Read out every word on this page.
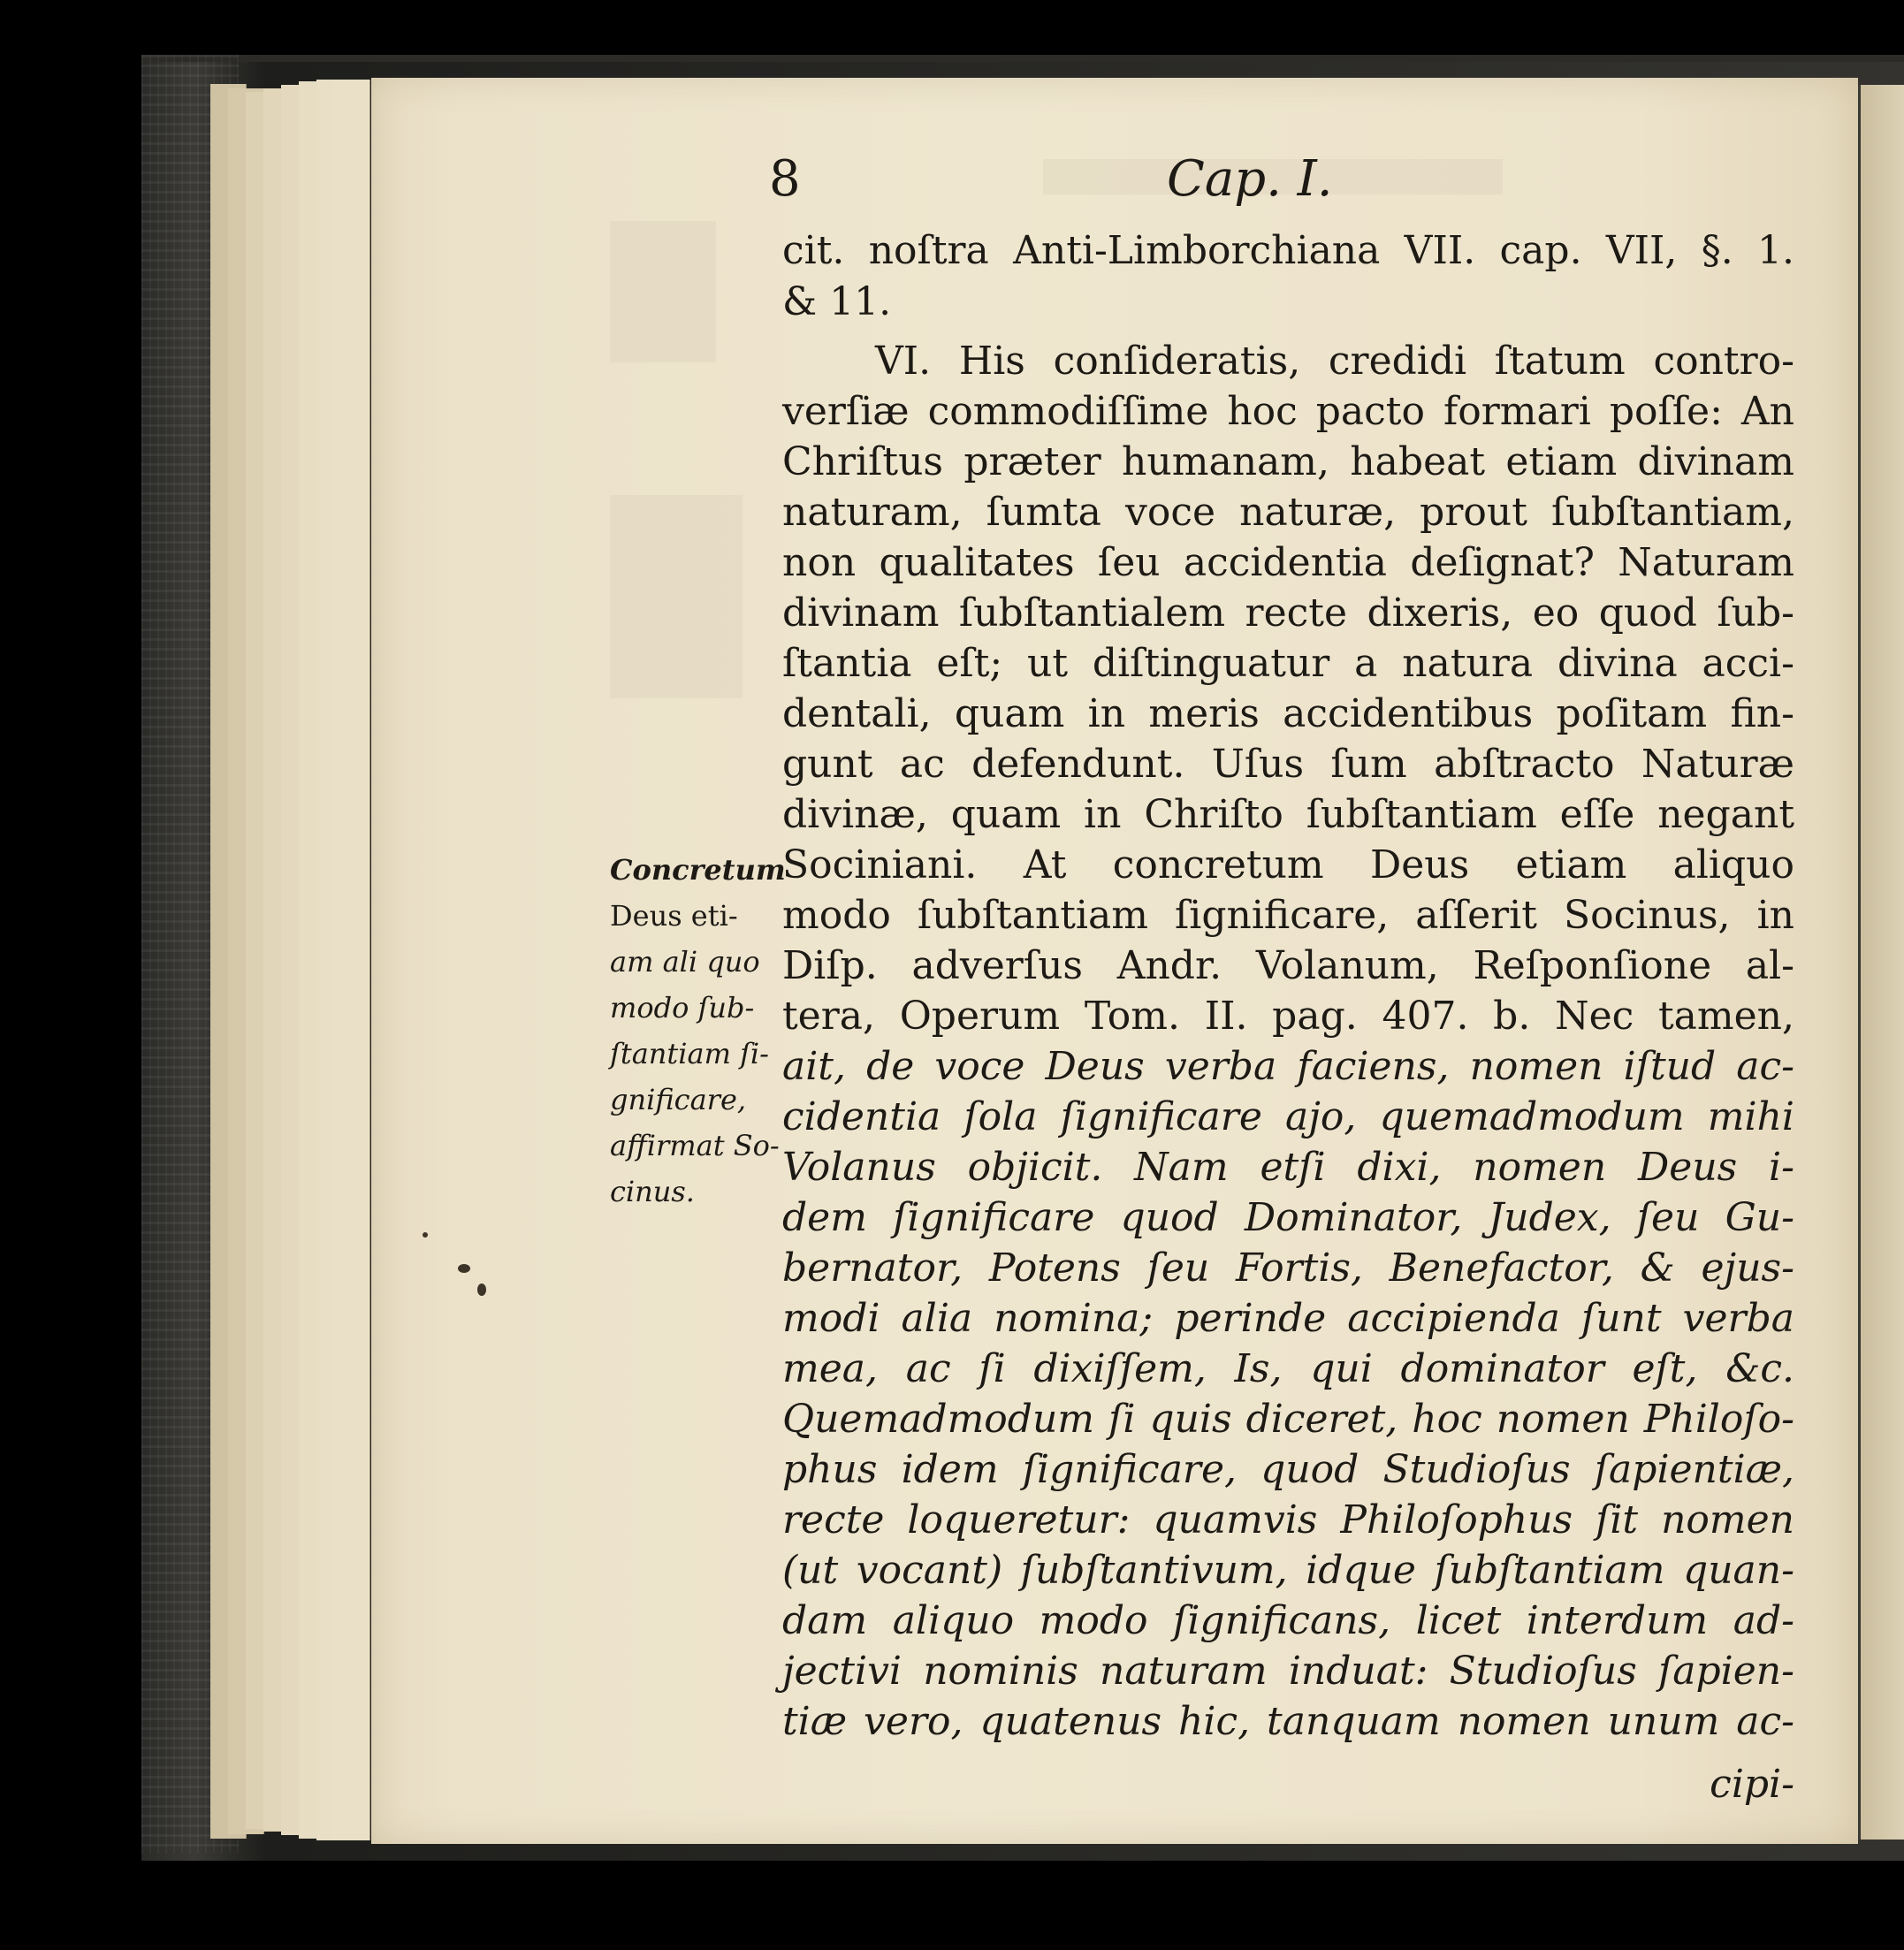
8	Cap. I.
cit. noſtra Anti-Limborchiana VII. cap. VII, §. 1.
& 11.
VI. His conſideratis, credidi ſtatum contro-
verſiæ commodiſſime hoc pacto formari poſſe: An
Chriſtus præter humanam, habeat etiam divinam
naturam, ſumta voce naturæ, prout ſubſtantiam,
non qualitates ſeu accidentia deſignat? Naturam
divinam ſubſtantialem recte dixeris, eo quod ſub-
ſtantia eſt; ut diſtinguatur a natura divina acci-
dentali, quam in meris accidentibus poſitam fin-
gunt ac defendunt. Uſus ſum abſtracto Naturæ
divinæ, quam in Chriſto ſubſtantiam eſſe negant
Sociniani. At concretum Deus etiam aliquo
modo ſubſtantiam ſignificare, aſſerit Socinus, in
Diſp. adverſus Andr. Volanum, Reſponſione al-
tera, Operum Tom. II. pag. 407. b. Nec tamen,
ait, de voce Deus verba faciens, nomen iſtud ac-
cidentia ſola ſignificare ajo, quemadmodum mihi
Volanus objicit. Nam etſi dixi, nomen Deus i-
dem ſignificare quod Dominator, Judex, ſeu Gu-
bernator, Potens ſeu Fortis, Benefactor, & ejus-
modi alia nomina; perinde accipienda ſunt verba
mea, ac ſi dixiſſem, Is, qui dominator eſt, &c.
Quemadmodum ſi quis diceret, hoc nomen Philoſo-
phus idem ſignificare, quod Studioſus ſapientiæ,
recte loqueretur: quamvis Philoſophus ſit nomen
(ut vocant) ſubſtantivum, idque ſubſtantiam quan-
dam aliquo modo ſignificans, licet interdum ad-
jectivi nominis naturam induat: Studioſus ſapien-
tiæ vero, quatenus hic, tanquam nomen unum ac-
cipi-
Concretum
Deus eti-
am ali quo
modo ſub-
ſtantiam ſi-
gnificare,
affirmat So-
cinus.
